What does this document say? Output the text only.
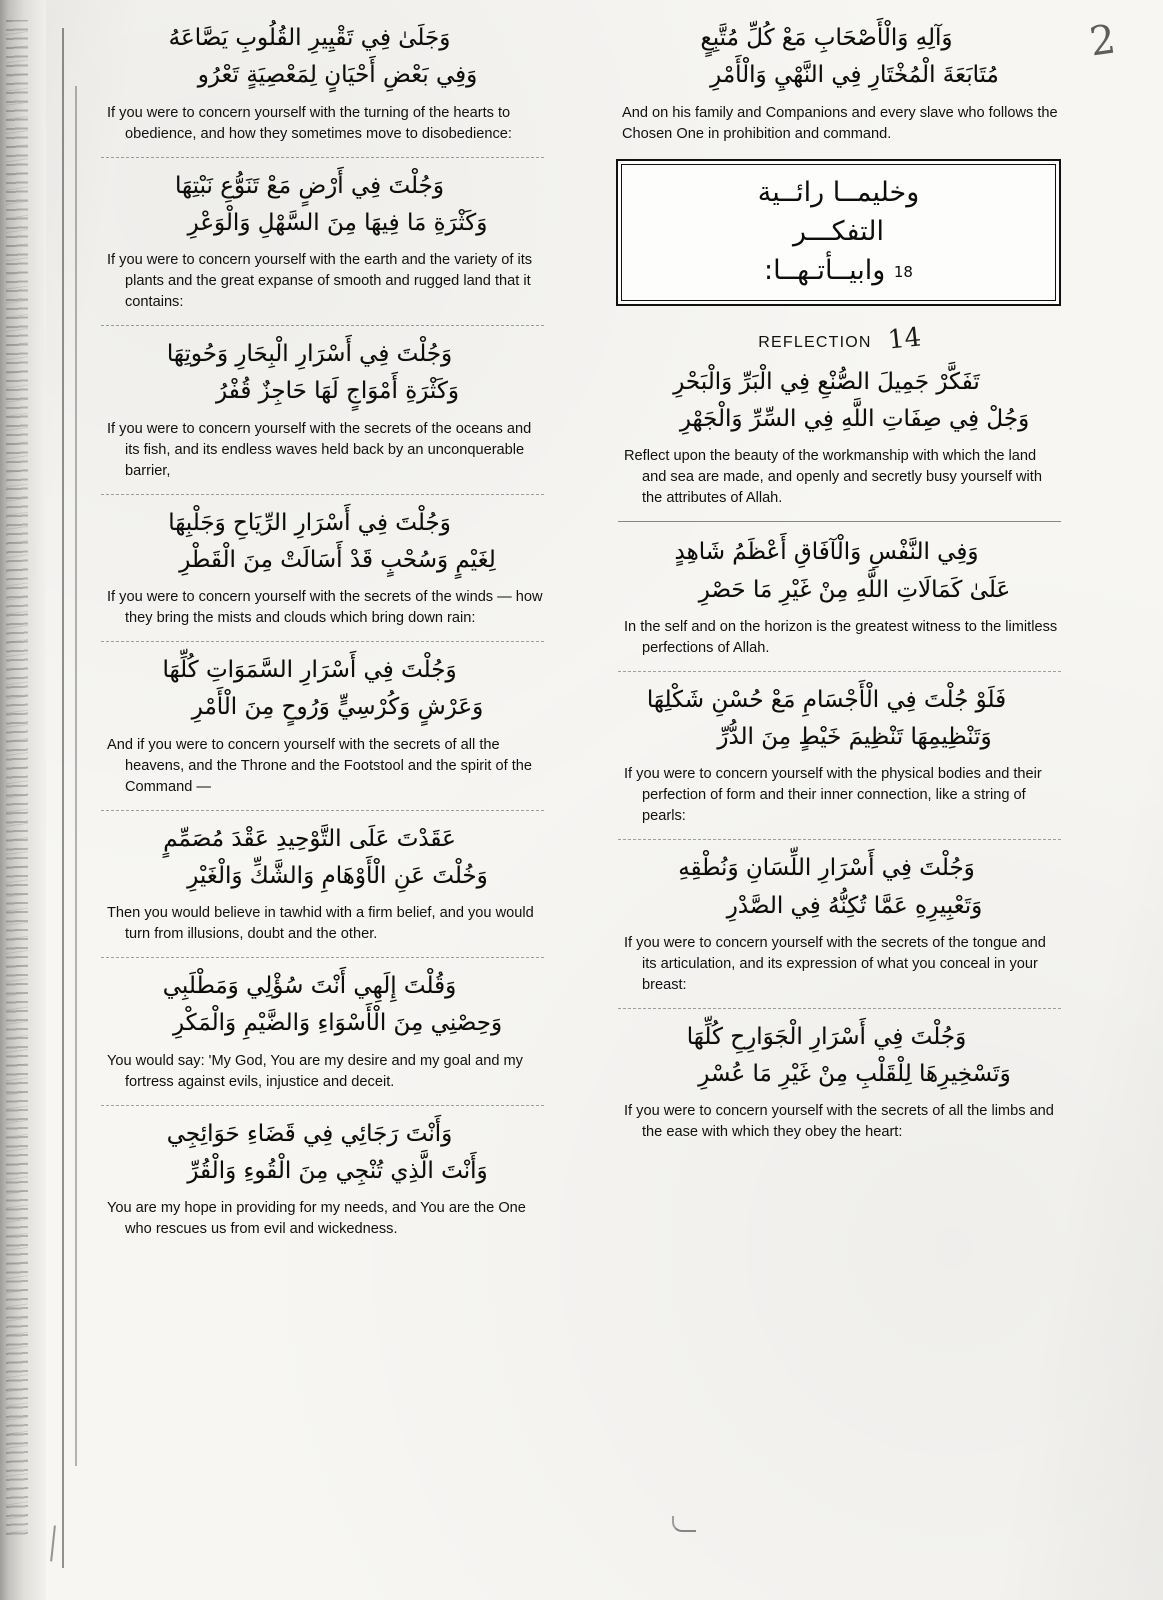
2
وَجَلَىٰ فِي تَقْيِيرِ القُلُوبِ يَصَّاعَهُ
وَفِي بَعْضِ أَحْيَانٍ لِمَعْصِيَةٍ تَعْرُو

If you were to concern yourself with the turning of the hearts to obedience, and how they sometimes move to disobedience:

وَجُلْتَ فِي أَرْضٍ مَعْ تَنَوُّعِ نَبْتِهَا
وَكَثْرَةِ مَا فِيهَا مِنَ السَّهْلِ وَالْوَعْرِ

If you were to concern yourself with the earth and the variety of its plants and the great expanse of smooth and rugged land that it contains:

وَجُلْتَ فِي أَسْرَارِ الْبِحَارِ وَحُوتِهَا
وَكَثْرَةِ أَمْوَاجٍ لَهَا حَاجِزٌ قُفْرُ

If you were to concern yourself with the secrets of the oceans and its fish, and its endless waves held back by an unconquerable barrier,

وَجُلْتَ فِي أَسْرَارِ الرِّيَاحِ وَجَلْبِهَا
لِغَيْمٍ وَسُحْبٍ قَدْ أَسَالَتْ مِنَ الْقَطْرِ

If you were to concern yourself with the secrets of the winds — how they bring the mists and clouds which bring down rain:

وَجُلْتَ فِي أَسْرَارِ السَّمَوَاتِ كُلِّهَا
وَعَرْشٍ وَكُرْسِيٍّ وَرُوحٍ مِنَ الْأَمْرِ

And if you were to concern yourself with the secrets of all the heavens, and the Throne and the Footstool and the spirit of the Command —

عَقَدْتَ عَلَى التَّوْحِيدِ عَقْدَ مُصَمِّمٍ
وَخُلْتَ عَنِ الْأَوْهَامِ وَالشَّكِّ وَالْغَيْرِ

Then you would believe in tawhid with a firm belief, and you would turn from illusions, doubt and the other.

وَقُلْتَ إِلَهِي أَنْتَ سُؤْلِي وَمَطْلَبِي
وَحِصْنِي مِنَ الْأَسْوَاءِ وَالضَّيْمِ وَالْمَكْرِ

You would say: 'My God, You are my desire and my goal and my fortress against evils, injustice and deceit.

وَأَنْتَ رَجَائِي فِي قَضَاءِ حَوَائِجِي
وَأَنْتَ الَّذِي تُنْجِي مِنَ الْقُوءِ وَالْقُرِّ

You are my hope in providing for my needs, and You are the One who rescues us from evil and wickedness.

وَآلِهِ وَالْأَصْحَابِ مَعْ كُلِّ مُتَّبِعٍ
مُتَابَعَةَ الْمُخْتَارِ فِي النَّهْيِ وَالْأَمْرِ

And on his family and Companions and every slave who follows the Chosen One in prohibition and command.

وخليمــا رائــية
التفكـــر
18 وابيــأتـهــا:
REFLECTION 14
تَفَكَّرْ جَمِيلَ الصُّنْعِ فِي الْبَرِّ وَالْبَحْرِ
وَجُلْ فِي صِفَاتِ اللَّهِ فِي السِّرِّ وَالْجَهْرِ

Reflect upon the beauty of the workmanship with which the land and sea are made, and openly and secretly busy yourself with the attributes of Allah.

وَفِي النَّفْسِ وَالْآفَاقِ أَعْظَمُ شَاهِدٍ
عَلَىٰ كَمَالَاتِ اللَّهِ مِنْ غَيْرِ مَا حَصْرِ

In the self and on the horizon is the greatest witness to the limitless perfections of Allah.

فَلَوْ جُلْتَ فِي الْأَجْسَامِ مَعْ حُسْنِ شَكْلِهَا
وَتَنْظِيمِهَا تَنْظِيمَ خَيْطٍ مِنَ الدُّرِّ

If you were to concern yourself with the physical bodies and their perfection of form and their inner connection, like a string of pearls:

وَجُلْتَ فِي أَسْرَارِ اللِّسَانِ وَنُطْقِهِ
وَتَعْبِيرِهِ عَمَّا تُكِنُّهُ فِي الصَّدْرِ

If you were to concern yourself with the secrets of the tongue and its articulation, and its expression of what you conceal in your breast:

وَجُلْتَ فِي أَسْرَارِ الْجَوَارِحِ كُلِّهَا
وَتَسْخِيرِهَا لِلْقَلْبِ مِنْ غَيْرِ مَا عُسْرِ

If you were to concern yourself with the secrets of all the limbs and the ease with which they obey the heart:
